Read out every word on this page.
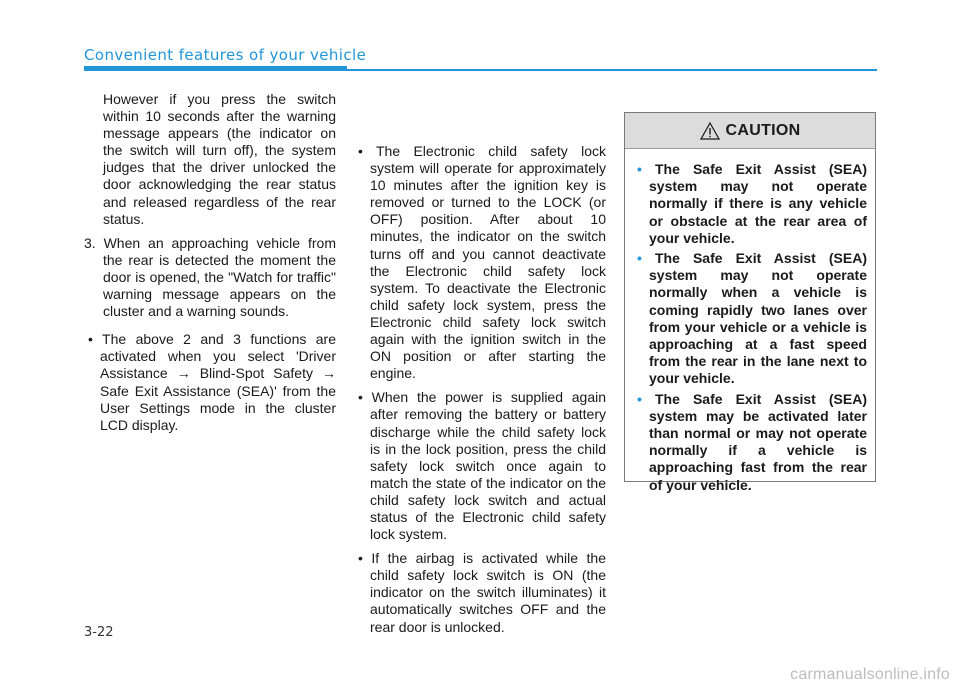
Convenient features of your vehicle

However if you press the switch within 10 seconds after the warning message appears (the indicator on the switch will turn off), the system judges that the driver unlocked the door acknowledging the rear status and released regardless of the rear status.

3. When an approaching vehicle from the rear is detected the moment the door is opened, the "Watch for traffic" warning message appears on the cluster and a warning sounds.

• The above 2 and 3 functions are activated when you select 'Driver Assistance → Blind-Spot Safety → Safe Exit Assistance (SEA)' from the User Settings mode in the cluster LCD display.

• The Electronic child safety lock system will operate for approximately 10 minutes after the ignition key is removed or turned to the LOCK (or OFF) position. After about 10 minutes, the indicator on the switch turns off and you cannot deactivate the Electronic child safety lock system. To deactivate the Electronic child safety lock system, press the Electronic child safety lock switch again with the ignition switch in the ON position or after starting the engine.

• When the power is supplied again after removing the battery or battery discharge while the child safety lock is in the lock position, press the child safety lock switch once again to match the state of the indicator on the child safety lock switch and actual status of the Electronic child safety lock system.

• If the airbag is activated while the child safety lock switch is ON (the indicator on the switch illuminates) it automatically switches OFF and the rear door is unlocked.

CAUTION
• The Safe Exit Assist (SEA) system may not operate normally if there is any vehicle or obstacle at the rear area of your vehicle.
• The Safe Exit Assist (SEA) system may not operate normally when a vehicle is coming rapidly two lanes over from your vehicle or a vehicle is approaching at a fast speed from the rear in the lane next to your vehicle.
• The Safe Exit Assist (SEA) system may be activated later than normal or may not operate normally if a vehicle is approaching fast from the rear of your vehicle.
3-22
carmanualsonline.info
